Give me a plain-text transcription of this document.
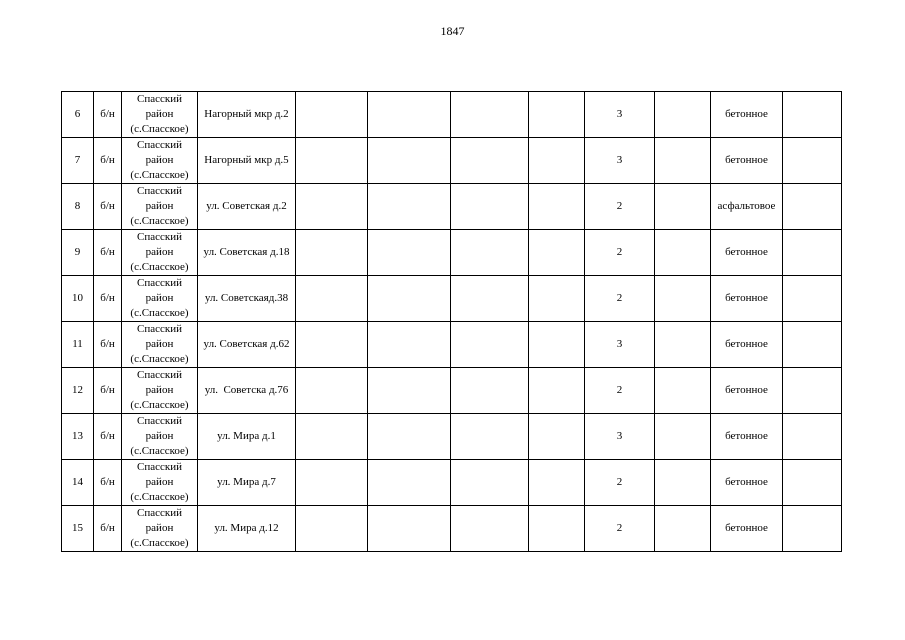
1847
6	б/н	Спасский
район
(с.Спасское)	Нагорный мкр д.2					3		бетонное	
7	б/н	Спасский
район
(с.Спасское)	Нагорный мкр д.5					3		бетонное	
8	б/н	Спасский
район
(с.Спасское)	ул. Советская д.2					2		асфальтовое	
9	б/н	Спасский
район
(с.Спасское)	ул. Советская д.18					2		бетонное	
10	б/н	Спасский
район
(с.Спасское)	ул. Советскаяд.38					2		бетонное	
11	б/н	Спасский
район
(с.Спасское)	ул. Советская д.62					3		бетонное	
12	б/н	Спасский
район
(с.Спасское)	ул.  Советска д.76					2		бетонное	
13	б/н	Спасский
район
(с.Спасское)	ул. Мира д.1					3		бетонное	
14	б/н	Спасский
район
(с.Спасское)	ул. Мира д.7					2		бетонное	
15	б/н	Спасский
район
(с.Спасское)	ул. Мира д.12					2		бетонное	
